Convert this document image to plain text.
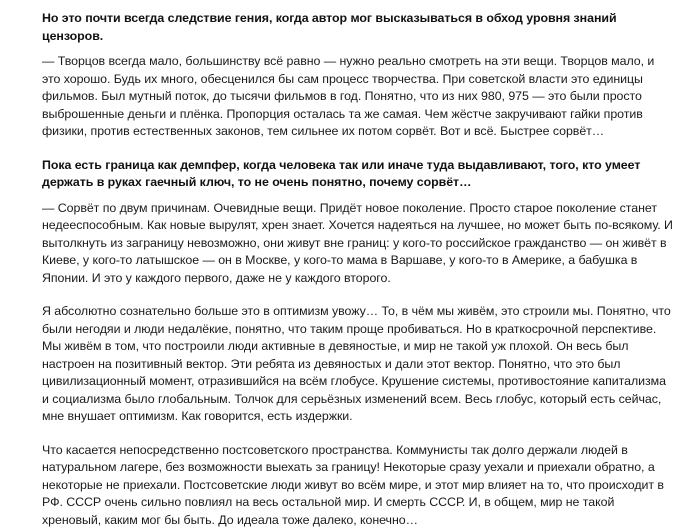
Но это почти всегда следствие гения, когда автор мог высказываться в обход уровня знаний цензоров.

— Творцов всегда мало, большинству всё равно — нужно реально смотреть на эти вещи. Творцов мало, и это хорошо. Будь их много, обесценился бы сам процесс творчества. При советской власти это единицы фильмов. Был мутный поток, до тысячи фильмов в год. Понятно, что из них 980, 975 — это были просто выброшенные деньги и плёнка. Пропорция осталась та же самая. Чем жёстче закручивают гайки против физики, против естественных законов, тем сильнее их потом сорвёт. Вот и всё. Быстрее сорвёт…

Пока есть граница как демпфер, когда человека так или иначе туда выдавливают, того, кто умеет держать в руках гаечный ключ, то не очень понятно, почему сорвёт…

— Сорвёт по двум причинам. Очевидные вещи. Придёт новое поколение. Просто старое поколение станет недееспособным. Как новые вырулят, хрен знает. Хочется надеяться на лучшее, но может быть по-всякому. И вытолкнуть из заграницу невозможно, они живут вне границ: у кого-то российское гражданство — он живёт в Киеве, у кого-то латышское — он в Москве, у кого-то мама в Варшаве, у кого-то в Америке, а бабушка в Японии. И это у каждого первого, даже не у каждого второго.

Я абсолютно сознательно больше это в оптимизм увожу… То, в чём мы живём, это строили мы. Понятно, что были негодяи и люди недалёкие, понятно, что таким проще пробиваться. Но в краткосрочной перспективе. Мы живём в том, что построили люди активные в девяностые, и мир не такой уж плохой. Он весь был настроен на позитивный вектор. Эти ребята из девяностых и дали этот вектор. Понятно, что это был цивилизационный момент, отразившийся на всём глобусе. Крушение системы, противостояние капитализма и социализма было глобальным. Толчок для серьёзных изменений всем. Весь глобус, который есть сейчас, мне внушает оптимизм. Как говорится, есть издержки.

Что касается непосредственно постсоветского пространства. Коммунисты так долго держали людей в натуральном лагере, без возможности выехать за границу! Некоторые сразу уехали и приехали обратно, а некоторые не приехали. Постсоветские люди живут во всём мире, и этот мир влияет на то, что происходит в РФ. СССР очень сильно повлиял на весь остальной мир. И смерть СССР. И, в общем, мир не такой хреновый, каким мог бы быть. До идеала тоже далеко, конечно…
